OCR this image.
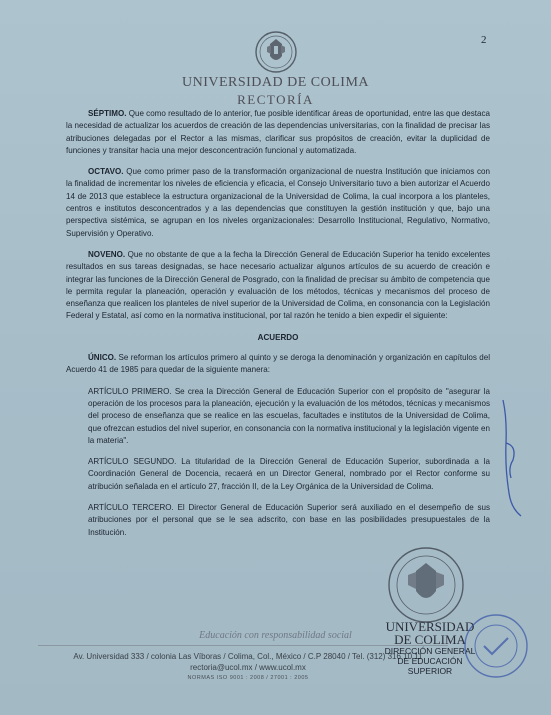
2
UNIVERSIDAD DE COLIMA
RECTORÍA

SÉPTIMO. Que como resultado de lo anterior, fue posible identificar áreas de oportunidad, entre las que destaca la necesidad de actualizar los acuerdos de creación de las dependencias universitarias, con la finalidad de precisar las atribuciones delegadas por el Rector a las mismas, clarificar sus propósitos de creación, evitar la duplicidad de funciones y transitar hacia una mejor desconcentración funcional y automatizada.

OCTAVO. Que como primer paso de la transformación organizacional de nuestra Institución que iniciamos con la finalidad de incrementar los niveles de eficiencia y eficacia, el Consejo Universitario tuvo a bien autorizar el Acuerdo 14 de 2013 que establece la estructura organizacional de la Universidad de Colima, la cual incorpora a los planteles, centros e institutos desconcentrados y a las dependencias que constituyen la gestión institución y que, bajo una perspectiva sistémica, se agrupan en los niveles organizacionales: Desarrollo Institucional, Regulativo, Normativo, Supervisión y Operativo.

NOVENO. Que no obstante de que a la fecha la Dirección General de Educación Superior ha tenido excelentes resultados en sus tareas designadas, se hace necesario actualizar algunos artículos de su acuerdo de creación e integrar las funciones de la Dirección General de Posgrado, con la finalidad de precisar su ámbito de competencia que le permita regular la planeación, operación y evaluación de los métodos, técnicas y mecanismos del proceso de enseñanza que realicen los planteles de nivel superior de la Universidad de Colima, en consonancia con la Legislación Federal y Estatal, así como en la normativa institucional, por tal razón he tenido a bien expedir el siguiente:

ACUERDO

ÚNICO. Se reforman los artículos primero al quinto y se deroga la denominación y organización en capítulos del Acuerdo 41 de 1985 para quedar de la siguiente manera:

ARTÍCULO PRIMERO. Se crea la Dirección General de Educación Superior con el propósito de "asegurar la operación de los procesos para la planeación, ejecución y la evaluación de los métodos, técnicas y mecanismos del proceso de enseñanza que se realice en las escuelas, facultades e institutos de la Universidad de Colima, que ofrezcan estudios del nivel superior, en consonancia con la normativa institucional y la legislación vigente en la materia".

ARTÍCULO SEGUNDO. La titularidad de la Dirección General de Educación Superior, subordinada a la Coordinación General de Docencia, recaerá en un Director General, nombrado por el Rector conforme su atribución señalada en el artículo 27, fracción II, de la Ley Orgánica de la Universidad de Colima.

ARTÍCULO TERCERO. El Director General de Educación Superior será auxiliado en el desempeño de sus atribuciones por el personal que se le sea adscrito, con base en las posibilidades presupuestales de la Institución.

Educación con responsabilidad social
Av. Universidad 333 / colonia Las Víboras / Colima, Col., México / C.P 28040 / Tel. (312) 316 10 11
rectoria@ucol.mx / www.ucol.mx
NORMAS ISO 9001 : 2008 / 27001 : 2005
UNIVERSIDAD
DE COLIMA
DIRECCIÓN GENERAL
DE EDUCACIÓN
SUPERIOR
